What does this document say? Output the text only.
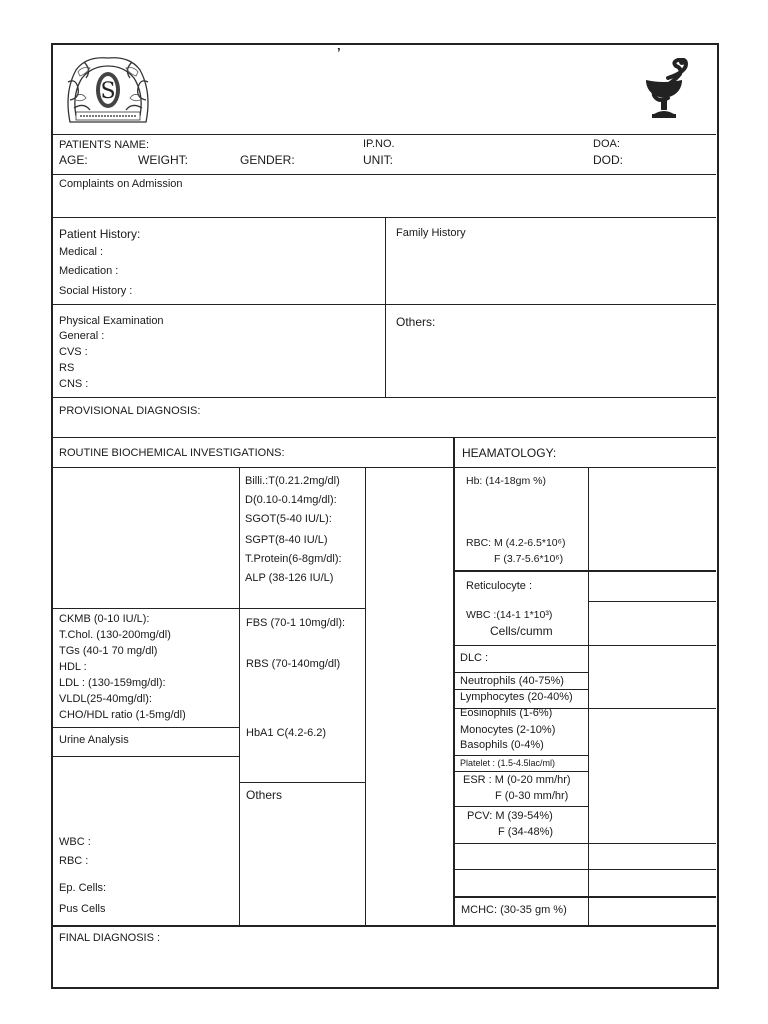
S
’
PATIENTS NAME:	IP.NO.	DOA:
AGE:	WEIGHT:	GENDER:	UNIT:	DOD:
Complaints on Admission
Patient History:
Medical :
Medication :
Social History :
Family History
Physical Examination
General :
CVS :
RS
CNS :
Others:
PROVISIONAL DIAGNOSIS:
ROUTINE BIOCHEMICAL INVESTIGATIONS:	HEAMATOLOGY:
Billi.:T(0.21.2mg/dl)
D(0.10-0.14mg/dl):
SGOT(5-40 IU/L):
SGPT(8-40 IU/L)
T.Protein(6-8gm/dl):
ALP (38-126 IU/L)
CKMB (0-10 IU/L):
T.Chol. (130-200mg/dl)
TGs (40-1 70 mg/dl)
HDL :
LDL : (130-159mg/dl):
VLDL(25-40mg/dl):
CHO/HDL ratio (1-5mg/dl)
FBS (70-1 10mg/dl):
RBS (70-140mg/dl)
HbA1 C(4.2-6.2)
Others
Urine Analysis
WBC :
RBC :
Ep. Cells:
Pus Cells
Hb: (14-18gm %)
RBC: M (4.2-6.5*10⁶)
F (3.7-5.6*10⁶)
Reticulocyte :
WBC :(14-1 1*10³)
Cells/cumm
DLC :
Neutrophils (40-75%)
Lymphocytes (20-40%)
Eosinophils (1-6%)
Monocytes (2-10%)
Basophils (0-4%)
Platelet : (1.5-4.5lac/ml)
ESR : M (0-20 mm/hr)
F (0-30 mm/hr)
PCV: M (39-54%)
F (34-48%)
MCHC: (30-35 gm %)
FINAL DIAGNOSIS :
